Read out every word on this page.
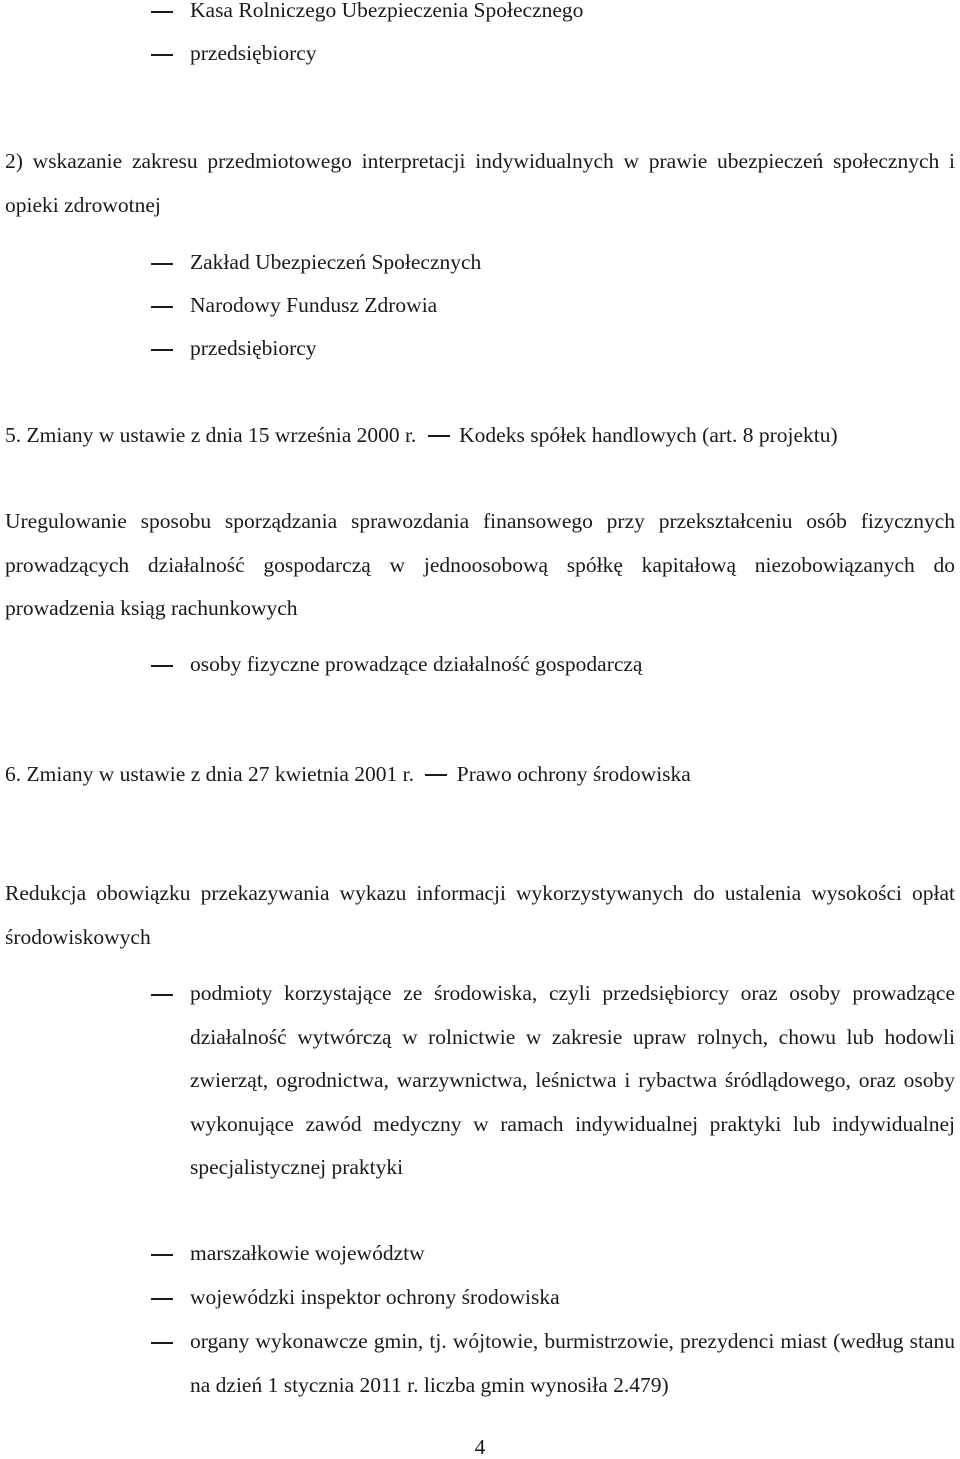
Kasa Rolniczego Ubezpieczenia Społecznego
przedsiębiorcy
2) wskazanie zakresu przedmiotowego interpretacji indywidualnych w prawie ubezpieczeń społecznych i opieki zdrowotnej
Zakład Ubezpieczeń Społecznych
Narodowy Fundusz Zdrowia
przedsiębiorcy
5. Zmiany w ustawie z dnia 15 września 2000 r. Kodeks spółek handlowych (art. 8 projektu)
Uregulowanie sposobu sporządzania sprawozdania finansowego przy przekształceniu osób fizycznych prowadzących działalność gospodarczą w jednoosobową spółkę kapitałową niezobowiązanych do prowadzenia ksiąg rachunkowych
osoby fizyczne prowadzące działalność gospodarczą
6. Zmiany w ustawie z dnia 27 kwietnia 2001 r. Prawo ochrony środowiska
Redukcja obowiązku przekazywania wykazu informacji wykorzystywanych do ustalenia wysokości opłat środowiskowych
podmioty korzystające ze środowiska, czyli przedsiębiorcy oraz osoby prowadzące działalność wytwórczą w rolnictwie w zakresie upraw rolnych, chowu lub hodowli zwierząt, ogrodnictwa, warzywnictwa, leśnictwa i rybactwa śródlądowego, oraz osoby wykonujące zawód medyczny w ramach indywidualnej praktyki lub indywidualnej specjalistycznej praktyki
marszałkowie województw
wojewódzki inspektor ochrony środowiska
organy wykonawcze gmin, tj. wójtowie, burmistrzowie, prezydenci miast (według stanu na dzień 1 stycznia 2011 r. liczba gmin wynosiła 2.479)
4
